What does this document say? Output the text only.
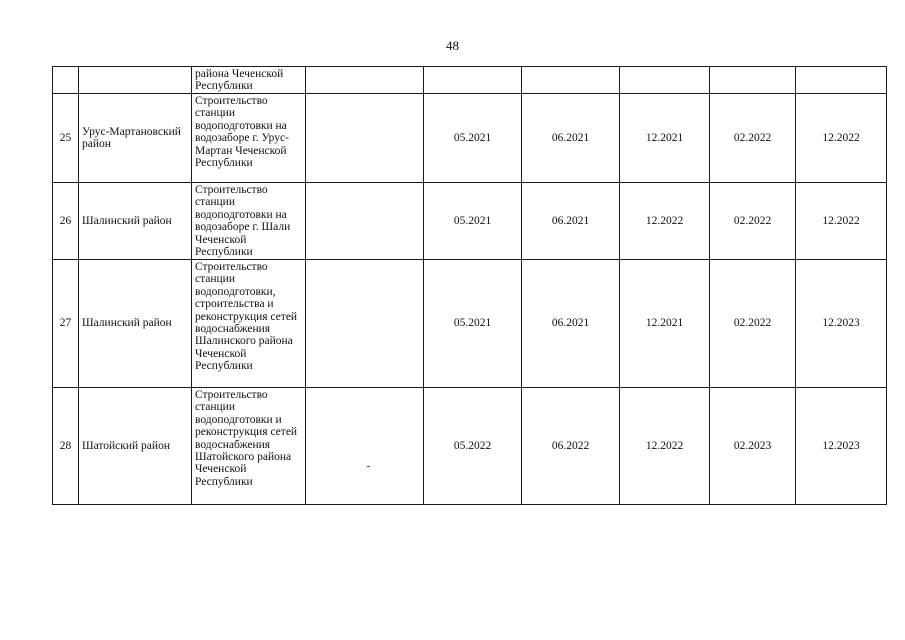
48
		района Чеченской Республики						
25	Урус-Мартановский район	Строительство станции водоподготовки на водозаборе г. Урус-Мартан Чеченской Республики		05.2021	06.2021	12.2021	02.2022	12.2022
26	Шалинский район	Строительство станции водоподготовки на водозаборе г. Шали Чеченской Республики		05.2021	06.2021	12.2022	02.2022	12.2022
27	Шалинский район	Строительство станции водоподготовки, строительства и реконструкция сетей водоснабжения Шалинского района Чеченской Республики		05.2021	06.2021	12.2021	02.2022	12.2023
28	Шатойский район	Строительство станции водоподготовки и реконструкция сетей водоснабжения Шатойского района Чеченской Республики		05.2022	06.2022	12.2022	02.2023	12.2023
